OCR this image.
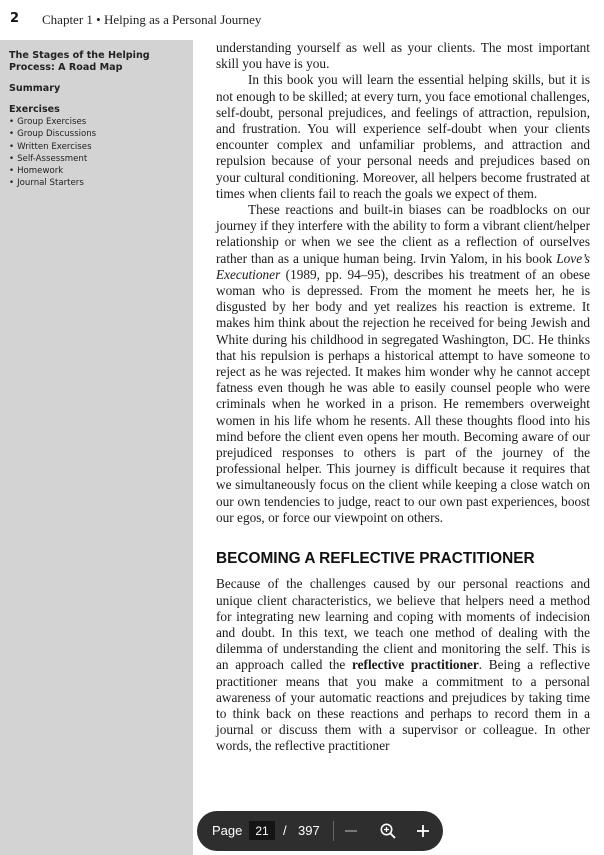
2 Chapter 1 • Helping as a Personal Journey
The Stages of the Helping Process: A Road Map
Summary
Exercises
• Group Exercises
• Group Discussions
• Written Exercises
• Self-Assessment
• Homework
• Journal Starters

understanding yourself as well as your clients. The most important skill you have is you.

In this book you will learn the essential helping skills, but it is not enough to be skilled; at every turn, you face emotional challenges, self-doubt, personal prejudices, and feelings of attraction, repulsion, and frustration. You will experience self-doubt when your clients encounter complex and unfamiliar problems, and attraction and repulsion because of your personal needs and prejudices based on your cultural conditioning. Moreover, all helpers become frustrated at times when clients fail to reach the goals we expect of them.

These reactions and built-in biases can be roadblocks on our journey if they interfere with the ability to form a vibrant client/helper relationship or when we see the client as a reflection of ourselves rather than as a unique human being. Irvin Yalom, in his book Love’s Executioner (1989, pp. 94–95), describes his treatment of an obese woman who is depressed. From the moment he meets her, he is disgusted by her body and yet realizes his reaction is extreme. It makes him think about the rejection he received for being Jewish and White during his childhood in segregated Washington, DC. He thinks that his repulsion is perhaps a historical attempt to have someone to reject as he was rejected. It makes him wonder why he cannot accept fatness even though he was able to easily counsel people who were criminals when he worked in a prison. He remembers overweight women in his life whom he resents. All these thoughts flood into his mind before the client even opens her mouth. Becoming aware of our prejudiced responses to others is part of the journey of the professional helper. This journey is difficult because it requires that we simultaneously focus on the client while keeping a close watch on our own tendencies to judge, react to our own past experiences, boost our egos, or force our viewpoint on others.

BECOMING A REFLECTIVE PRACTITIONER

Because of the challenges caused by our personal reactions and unique client characteristics, we believe that helpers need a method for integrating new learning and coping with moments of indecision and doubt. In this text, we teach one method of dealing with the dilemma of understanding the client and monitoring the self. This is an approach called the reflective practitioner. Being a reflective practitioner means that you make a commitment to a personal awareness of your automatic reactions and prejudices by taking time to think back on these reactions and perhaps to record them in a journal or discuss them with a supervisor or colleague. In other words, the reflective practitioner

Page
21	/ 397
